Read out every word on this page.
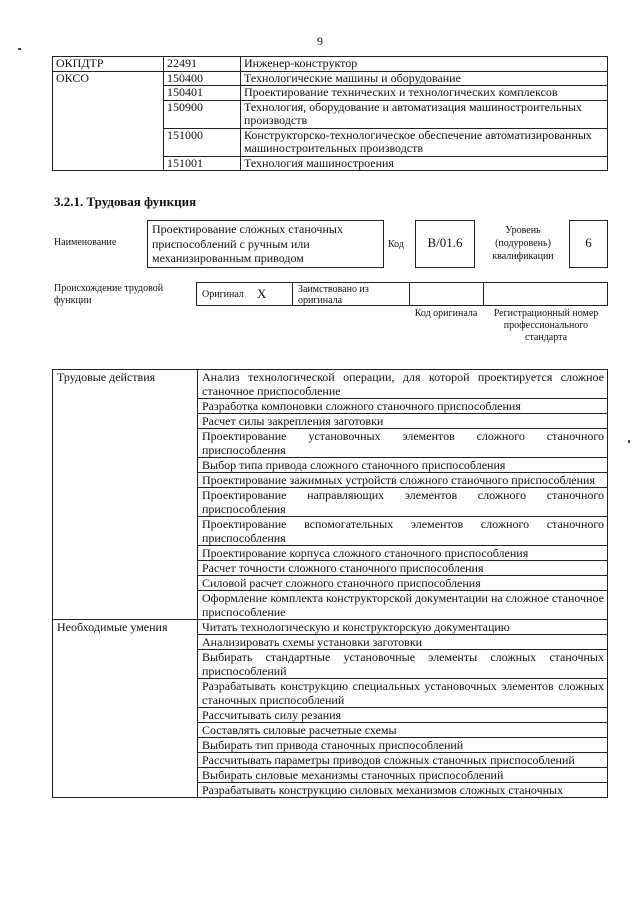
9
ОКПДТР	22491	Инженер-конструктор
ОКСО	150400	Технологические машины и оборудование
	150401	Проектирование технических и технологических комплексов
	150900	Технология, оборудование и автоматизация машиностроительных производств
	151000	Конструкторско-технологическое обеспечение автоматизированных машиностроительных производств
	151001	Технология машиностроения
3.2.1. Трудовая функция
Наименование
Проектирование сложных станочных приспособлений с ручным или механизированным приводом
Код	B/01.6
Уровень (подуровень) квалификации
6
Происхождение трудовой функции
Оригинал Х	Заимствовано из оригинала
Код оригинала	Регистрационный номер профессионального стандарта
Трудовые действия	Анализ технологической операции, для которой проектируется сложное станочное приспособление
	Разработка компоновки сложного станочного приспособления
	Расчет силы закрепления заготовки
	Проектирование установочных элементов сложного станочного приспособления
	Выбор типа привода сложного станочного приспособления
	Проектирование зажимных устройств сложного станочного приспособления
	Проектирование направляющих элементов сложного станочного приспособления
	Проектирование вспомогательных элементов сложного станочного приспособления
	Проектирование корпуса сложного станочного приспособления
	Расчет точности сложного станочного приспособления
	Силовой расчет сложного станочного приспособления
	Оформление комплекта конструкторской документации на сложное станочное приспособление
Необходимые умения	Читать технологическую и конструкторскую документацию
	Анализировать схемы установки заготовки
	Выбирать стандартные установочные элементы сложных станочных приспособлений
	Разрабатывать конструкцию специальных установочных элементов сложных станочных приспособлений
	Рассчитывать силу резания
	Составлять силовые расчетные схемы
	Выбирать тип привода станочных приспособлений
	Рассчитывать параметры приводов сложных станочных приспособлений
	Выбирать силовые механизмы станочных приспособлений
	Разрабатывать конструкцию силовых механизмов сложных станочных
